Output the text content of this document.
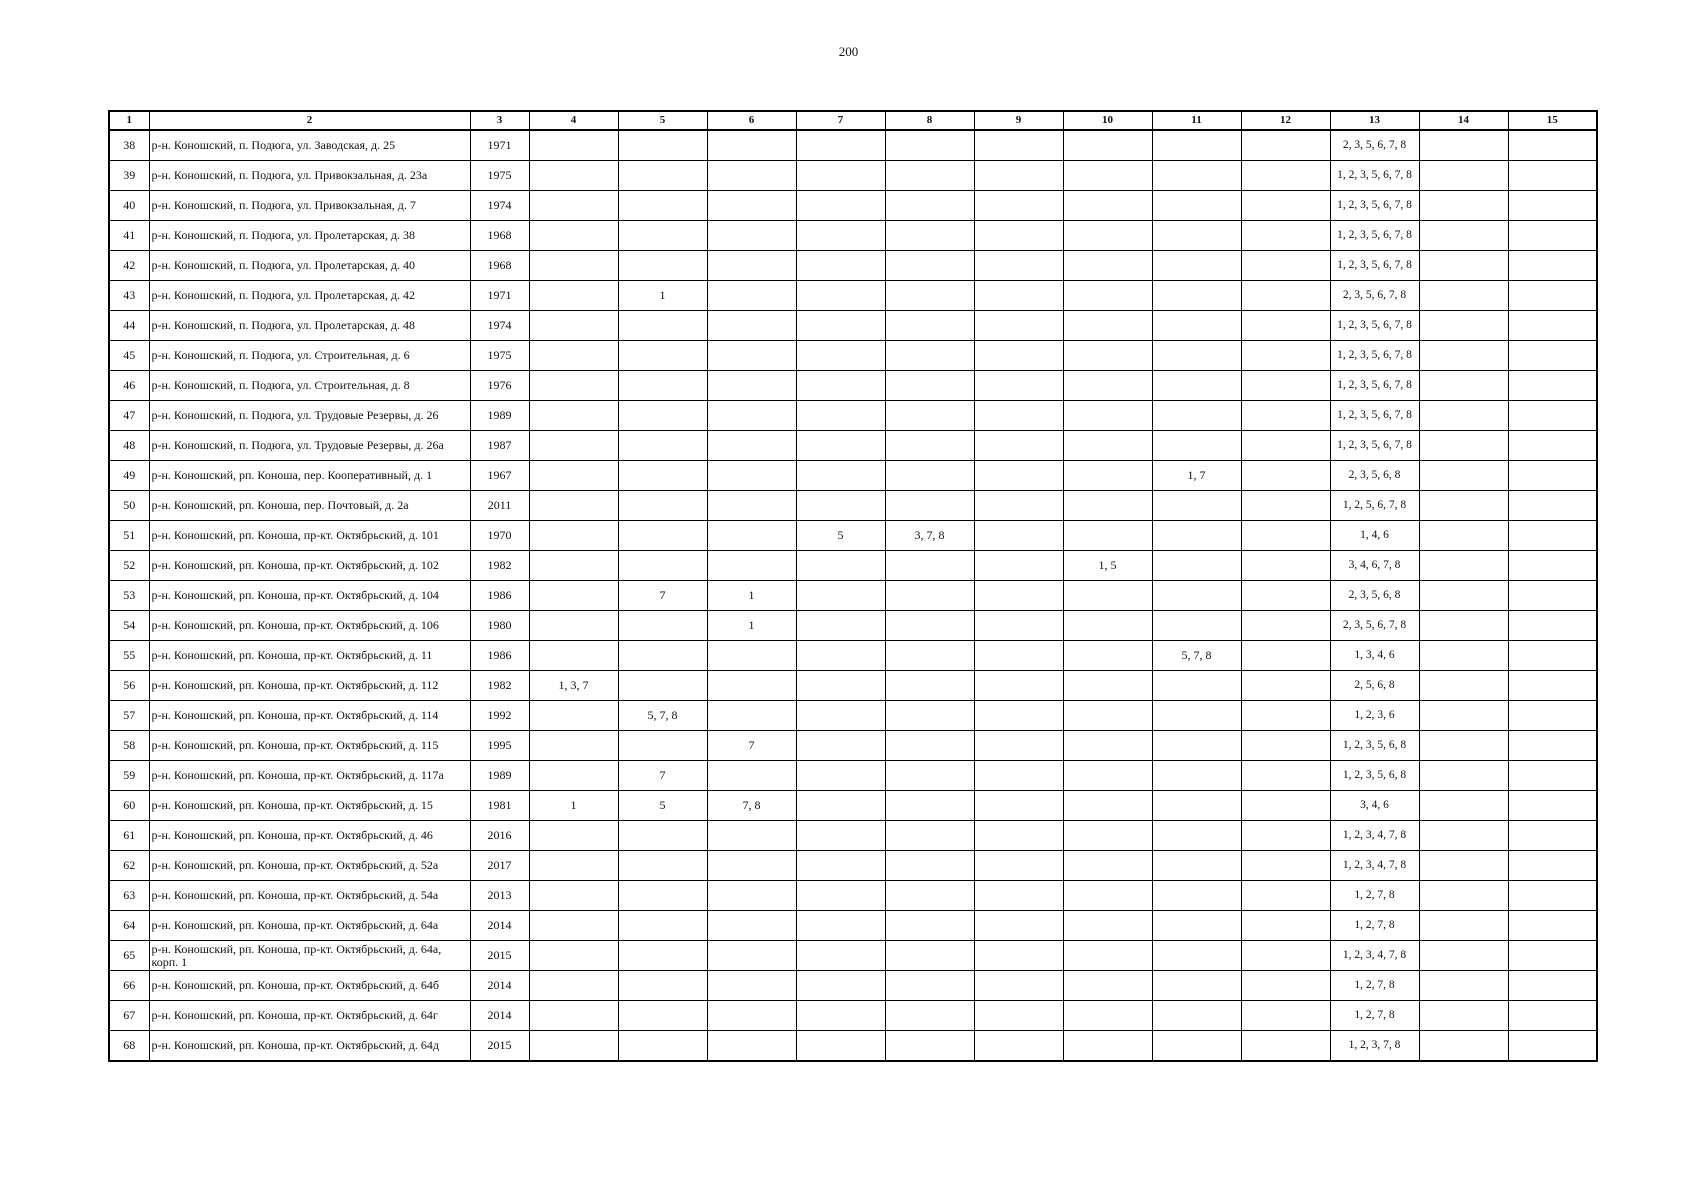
200
1	2	3	4	5	6	7	8	9	10	11	12	13	14	15
38	р-н. Коношский, п. Подюга, ул. Заводская, д. 25	1971										2, 3, 5, 6, 7, 8		
39	р-н. Коношский, п. Подюга, ул. Привокзальная, д. 23а	1975										1, 2, 3, 5, 6, 7, 8		
40	р-н. Коношский, п. Подюга, ул. Привокзальная, д. 7	1974										1, 2, 3, 5, 6, 7, 8		
41	р-н. Коношский, п. Подюга, ул. Пролетарская, д. 38	1968										1, 2, 3, 5, 6, 7, 8		
42	р-н. Коношский, п. Подюга, ул. Пролетарская, д. 40	1968										1, 2, 3, 5, 6, 7, 8		
43	р-н. Коношский, п. Подюга, ул. Пролетарская, д. 42	1971		1								2, 3, 5, 6, 7, 8		
44	р-н. Коношский, п. Подюга, ул. Пролетарская, д. 48	1974										1, 2, 3, 5, 6, 7, 8		
45	р-н. Коношский, п. Подюга, ул. Строительная, д. 6	1975										1, 2, 3, 5, 6, 7, 8		
46	р-н. Коношский, п. Подюга, ул. Строительная, д. 8	1976										1, 2, 3, 5, 6, 7, 8		
47	р-н. Коношский, п. Подюга, ул. Трудовые Резервы, д. 26	1989										1, 2, 3, 5, 6, 7, 8		
48	р-н. Коношский, п. Подюга, ул. Трудовые Резервы, д. 26а	1987										1, 2, 3, 5, 6, 7, 8		
49	р-н. Коношский, рп. Коноша, пер. Кооперативный, д. 1	1967								1, 7		2, 3, 5, 6, 8		
50	р-н. Коношский, рп. Коноша, пер. Почтовый, д. 2а	2011										1, 2, 5, 6, 7, 8		
51	р-н. Коношский, рп. Коноша, пр-кт. Октябрьский, д. 101	1970				5	3, 7, 8					1, 4, 6		
52	р-н. Коношский, рп. Коноша, пр-кт. Октябрьский, д. 102	1982							1, 5			3, 4, 6, 7, 8		
53	р-н. Коношский, рп. Коноша, пр-кт. Октябрьский, д. 104	1986		7	1							2, 3, 5, 6, 8		
54	р-н. Коношский, рп. Коноша, пр-кт. Октябрьский, д. 106	1980			1							2, 3, 5, 6, 7, 8		
55	р-н. Коношский, рп. Коноша, пр-кт. Октябрьский, д. 11	1986								5, 7, 8		1, 3, 4, 6		
56	р-н. Коношский, рп. Коноша, пр-кт. Октябрьский, д. 112	1982	1, 3, 7									2, 5, 6, 8		
57	р-н. Коношский, рп. Коноша, пр-кт. Октябрьский, д. 114	1992		5, 7, 8								1, 2, 3, 6		
58	р-н. Коношский, рп. Коноша, пр-кт. Октябрьский, д. 115	1995			7							1, 2, 3, 5, 6, 8		
59	р-н. Коношский, рп. Коноша, пр-кт. Октябрьский, д. 117а	1989		7								1, 2, 3, 5, 6, 8		
60	р-н. Коношский, рп. Коноша, пр-кт. Октябрьский, д. 15	1981	1	5	7, 8							3, 4, 6		
61	р-н. Коношский, рп. Коноша, пр-кт. Октябрьский, д. 46	2016										1, 2, 3, 4, 7, 8		
62	р-н. Коношский, рп. Коноша, пр-кт. Октябрьский, д. 52а	2017										1, 2, 3, 4, 7, 8		
63	р-н. Коношский, рп. Коноша, пр-кт. Октябрьский, д. 54а	2013										1, 2, 7, 8		
64	р-н. Коношский, рп. Коноша, пр-кт. Октябрьский, д. 64а	2014										1, 2, 7, 8		
65	р-н. Коношский, рп. Коноша, пр-кт. Октябрьский, д. 64а, корп. 1	2015										1, 2, 3, 4, 7, 8		
66	р-н. Коношский, рп. Коноша, пр-кт. Октябрьский, д. 64б	2014										1, 2, 7, 8		
67	р-н. Коношский, рп. Коноша, пр-кт. Октябрьский, д. 64г	2014										1, 2, 7, 8		
68	р-н. Коношский, рп. Коноша, пр-кт. Октябрьский, д. 64д	2015										1, 2, 3, 7, 8		
